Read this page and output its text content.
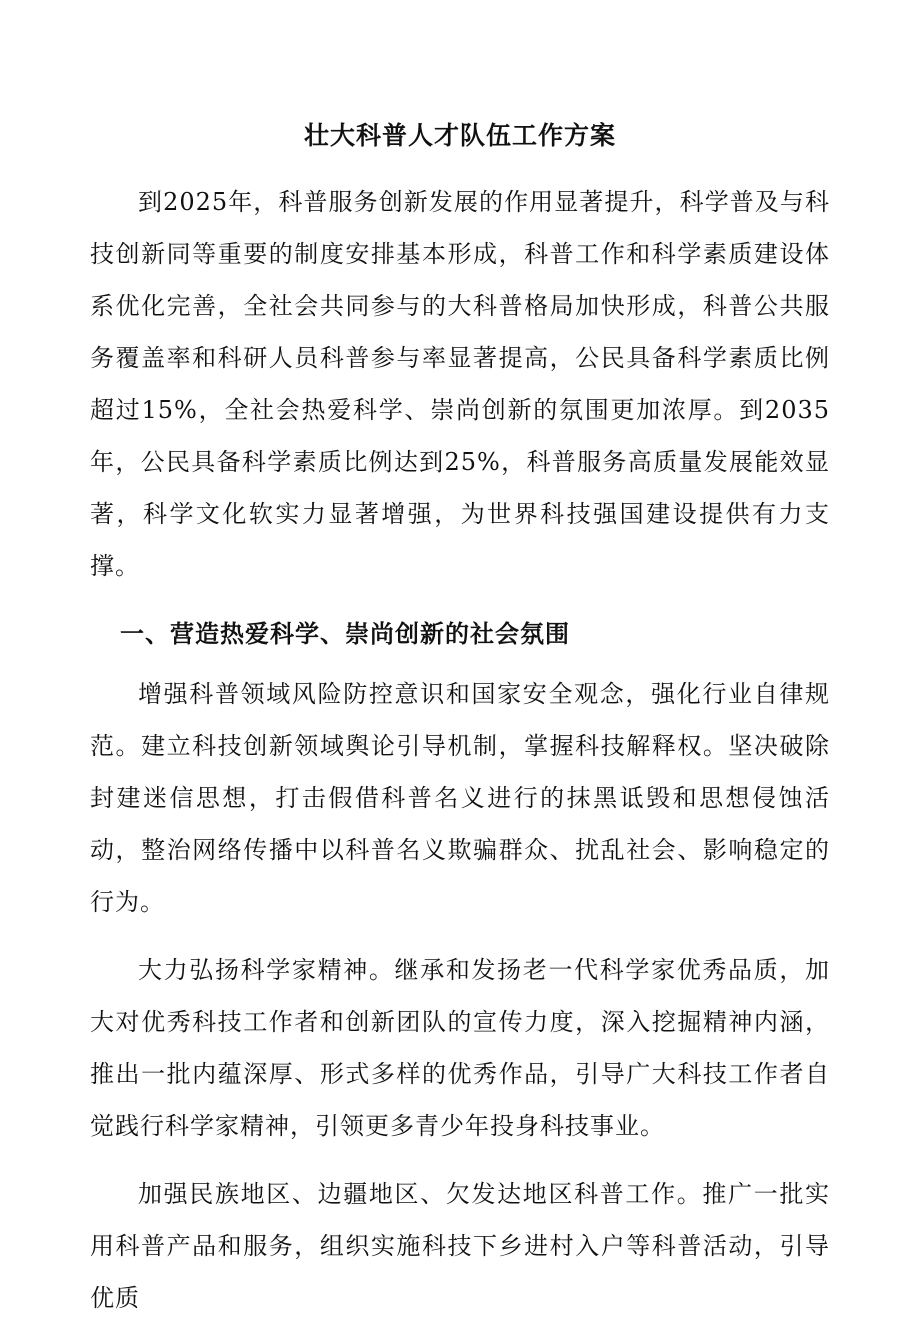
壮大科普人才队伍工作方案

到2025年，科普服务创新发展的作用显著提升，科学普及与科技创新同等重要的制度安排基本形成，科普工作和科学素质建设体系优化完善，全社会共同参与的大科普格局加快形成，科普公共服务覆盖率和科研人员科普参与率显著提高，公民具备科学素质比例超过15%，全社会热爱科学、崇尚创新的氛围更加浓厚。到2035年，公民具备科学素质比例达到25%，科普服务高质量发展能效显著，科学文化软实力显著增强，为世界科技强国建设提供有力支撑。

一、营造热爱科学、崇尚创新的社会氛围

增强科普领域风险防控意识和国家安全观念，强化行业自律规范。建立科技创新领域舆论引导机制，掌握科技解释权。坚决破除封建迷信思想，打击假借科普名义进行的抹黑诋毁和思想侵蚀活动，整治网络传播中以科普名义欺骗群众、扰乱社会、影响稳定的行为。

大力弘扬科学家精神。继承和发扬老一代科学家优秀品质，加大对优秀科技工作者和创新团队的宣传力度，深入挖掘精神内涵，推出一批内蕴深厚、形式多样的优秀作品，引导广大科技工作者自觉践行科学家精神，引领更多青少年投身科技事业。

加强民族地区、边疆地区、欠发达地区科普工作。推广一批实用科普产品和服务，组织实施科技下乡进村入户等科普活动，引导优质
